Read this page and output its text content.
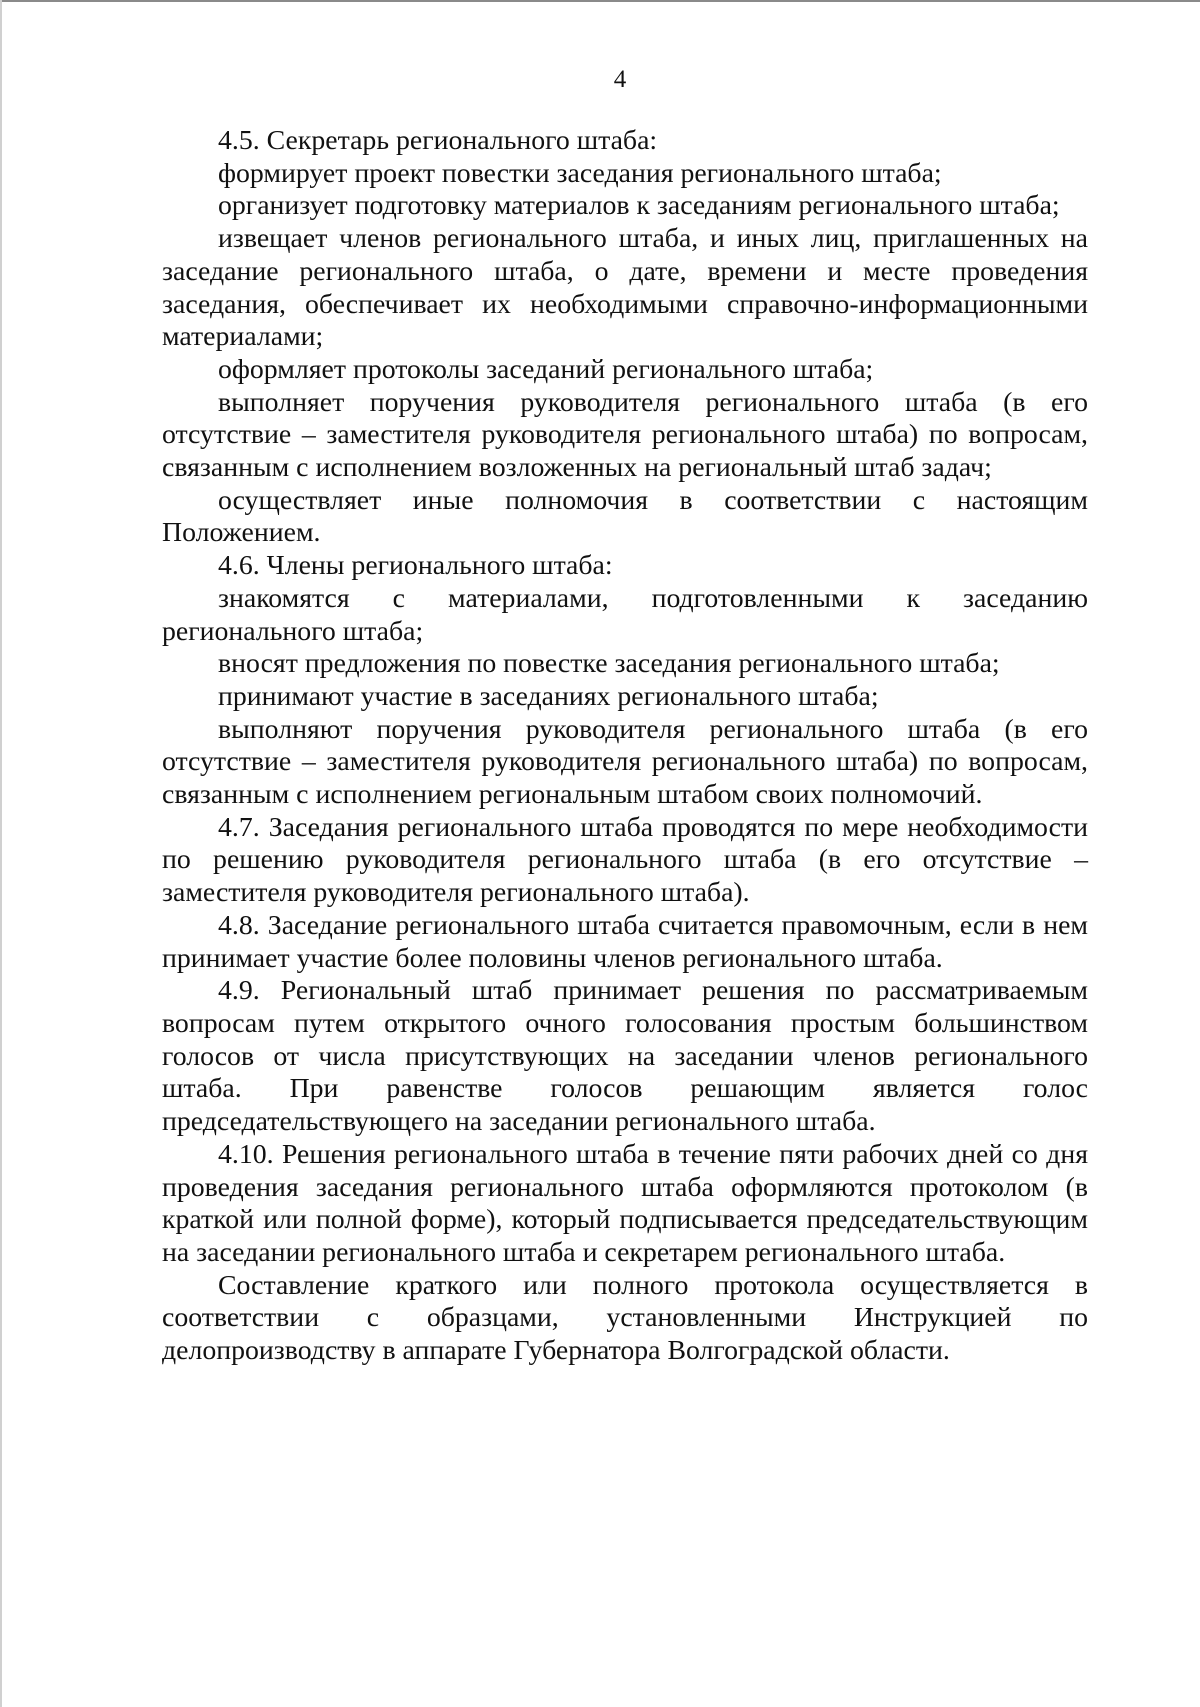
4

4.5. Секретарь регионального штаба:

формирует проект повестки заседания регионального штаба;

организует подготовку материалов к заседаниям регионального штаба;

извещает членов регионального штаба, и иных лиц, приглашенных на заседание регионального штаба, о дате, времени и месте проведения заседания, обеспечивает их необходимыми справочно-информационными материалами;

оформляет протоколы заседаний регионального штаба;

выполняет поручения руководителя регионального штаба (в его отсутствие – заместителя руководителя регионального штаба) по вопросам, связанным с исполнением возложенных на региональный штаб задач;

осуществляет иные полномочия в соответствии с настоящим Положением.

4.6. Члены регионального штаба:

знакомятся с материалами, подготовленными к заседанию регионального штаба;

вносят предложения по повестке заседания регионального штаба;

принимают участие в заседаниях регионального штаба;

выполняют поручения руководителя регионального штаба (в его отсутствие – заместителя руководителя регионального штаба) по вопросам, связанным с исполнением региональным штабом своих полномочий.

4.7. Заседания регионального штаба проводятся по мере необходимости по решению руководителя регионального штаба (в его отсутствие – заместителя руководителя регионального штаба).

4.8. Заседание регионального штаба считается правомочным, если в нем принимает участие более половины членов регионального штаба.

4.9. Региональный штаб принимает решения по рассматриваемым вопросам путем открытого очного голосования простым большинством голосов от числа присутствующих на заседании членов регионального штаба. При равенстве голосов решающим является голос председательствующего на заседании регионального штаба.

4.10. Решения регионального штаба в течение пяти рабочих дней со дня проведения заседания регионального штаба оформляются протоколом (в краткой или полной форме), который подписывается председательствующим на заседании регионального штаба и секретарем регионального штаба.

Составление краткого или полного протокола осуществляется в соответствии с образцами, установленными Инструкцией по делопроизводству в аппарате Губернатора Волгоградской области.
